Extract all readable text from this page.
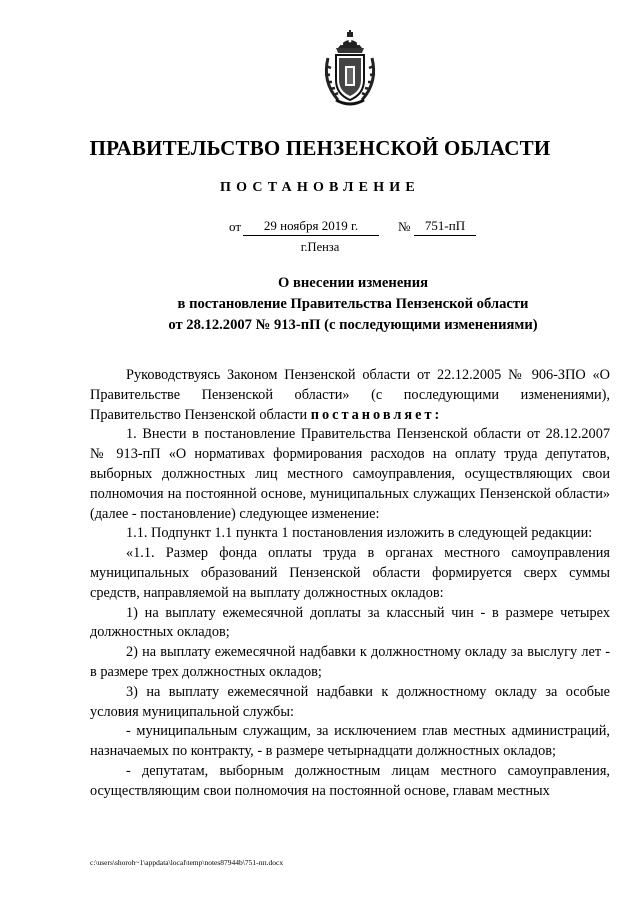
ПРАВИТЕЛЬСТВО ПЕНЗЕНСКОЙ ОБЛАСТИ
ПОСТАНОВЛЕНИЕ
от	29 ноября 2019 г.	№	751-пП
г.Пенза
О внесении изменения
в постановление Правительства Пензенской области
от 28.12.2007 № 913-пП (с последующими изменениями)

Руководствуясь Законом Пензенской области от 22.12.2005 № 906-ЗПО «О Правительстве Пензенской области» (с последующими изменениями), Правительство Пензенской области постановляет:

1. Внести в постановление Правительства Пензенской области от 28.12.2007 № 913-пП «О нормативах формирования расходов на оплату труда депутатов, выборных должностных лиц местного самоуправления, осуществляющих свои полномочия на постоянной основе, муниципальных служащих Пензенской области» (далее - постановление) следующее изменение:

1.1. Подпункт 1.1 пункта 1 постановления изложить в следующей редакции:

«1.1. Размер фонда оплаты труда в органах местного самоуправления муниципальных образований Пензенской области формируется сверх суммы средств, направляемой на выплату должностных окладов:

1) на выплату ежемесячной доплаты за классный чин - в размере четырех должностных окладов;

2) на выплату ежемесячной надбавки к должностному окладу за выслугу лет - в размере трех должностных окладов;

3) на выплату ежемесячной надбавки к должностному окладу за особые условия муниципальной службы:

- муниципальным служащим, за исключением глав местных администраций, назначаемых по контракту, - в размере четырнадцати должностных окладов;

- депутатам, выборным должностным лицам местного самоуправления, осуществляющим свои полномочия на постоянной основе, главам местных

c:\users\shoroh~1\appdata\local\temp\notes87944b\751-пп.docx
